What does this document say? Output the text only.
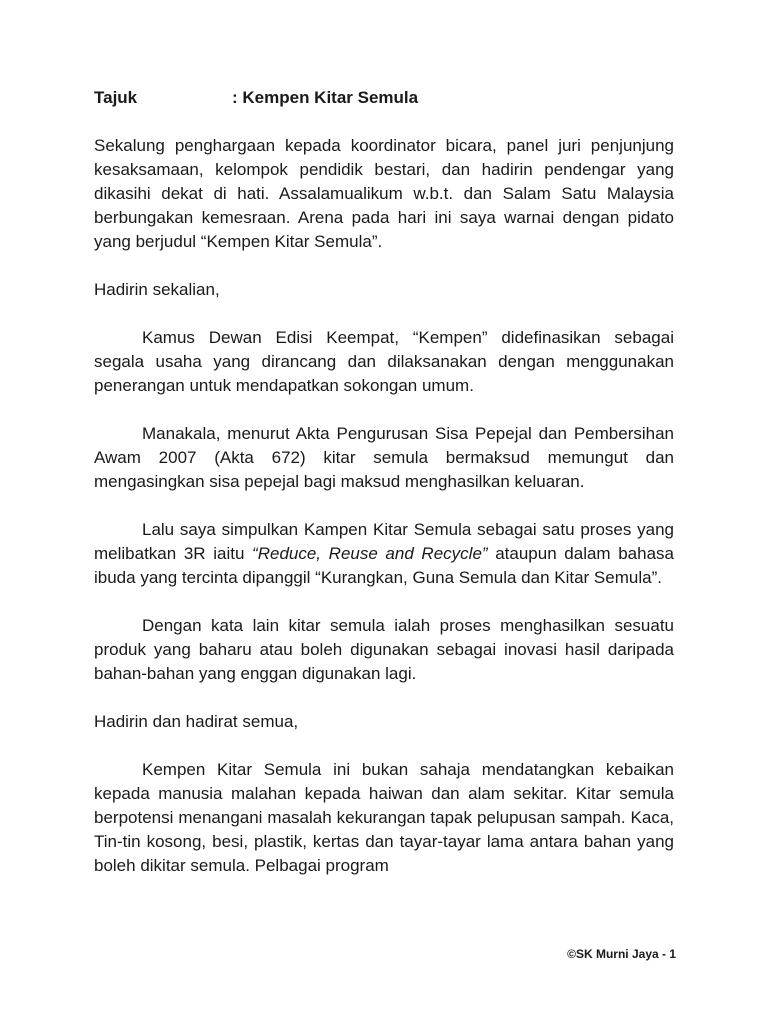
Tajuk	: Kempen Kitar Semula

Sekalung penghargaan kepada koordinator bicara, panel juri penjunjung kesaksamaan, kelompok pendidik bestari, dan hadirin pendengar yang dikasihi dekat di hati. Assalamualikum w.b.t. dan Salam Satu Malaysia berbungakan kemesraan. Arena pada hari ini saya warnai dengan pidato yang berjudul “Kempen Kitar Semula”.

Hadirin sekalian,

Kamus Dewan Edisi Keempat, “Kempen” didefinasikan sebagai segala usaha yang dirancang dan dilaksanakan dengan menggunakan penerangan untuk mendapatkan sokongan umum.

Manakala, menurut Akta Pengurusan Sisa Pepejal dan Pembersihan Awam 2007 (Akta 672) kitar semula bermaksud memungut dan mengasingkan sisa pepejal bagi maksud menghasilkan keluaran.

Lalu saya simpulkan Kampen Kitar Semula sebagai satu proses yang melibatkan 3R iaitu “Reduce, Reuse and Recycle” ataupun dalam bahasa ibuda yang tercinta dipanggil “Kurangkan, Guna Semula dan Kitar Semula”.

Dengan kata lain kitar semula ialah proses menghasilkan sesuatu produk yang baharu atau boleh digunakan sebagai inovasi hasil daripada bahan-bahan yang enggan digunakan lagi.

Hadirin dan hadirat semua,

Kempen Kitar Semula ini bukan sahaja mendatangkan kebaikan kepada manusia malahan kepada haiwan dan alam sekitar. Kitar semula berpotensi menangani masalah kekurangan tapak pelupusan sampah. Kaca, Tin-tin kosong, besi, plastik, kertas dan tayar-tayar lama antara bahan yang boleh dikitar semula. Pelbagai program

©SK Murni Jaya - 1
